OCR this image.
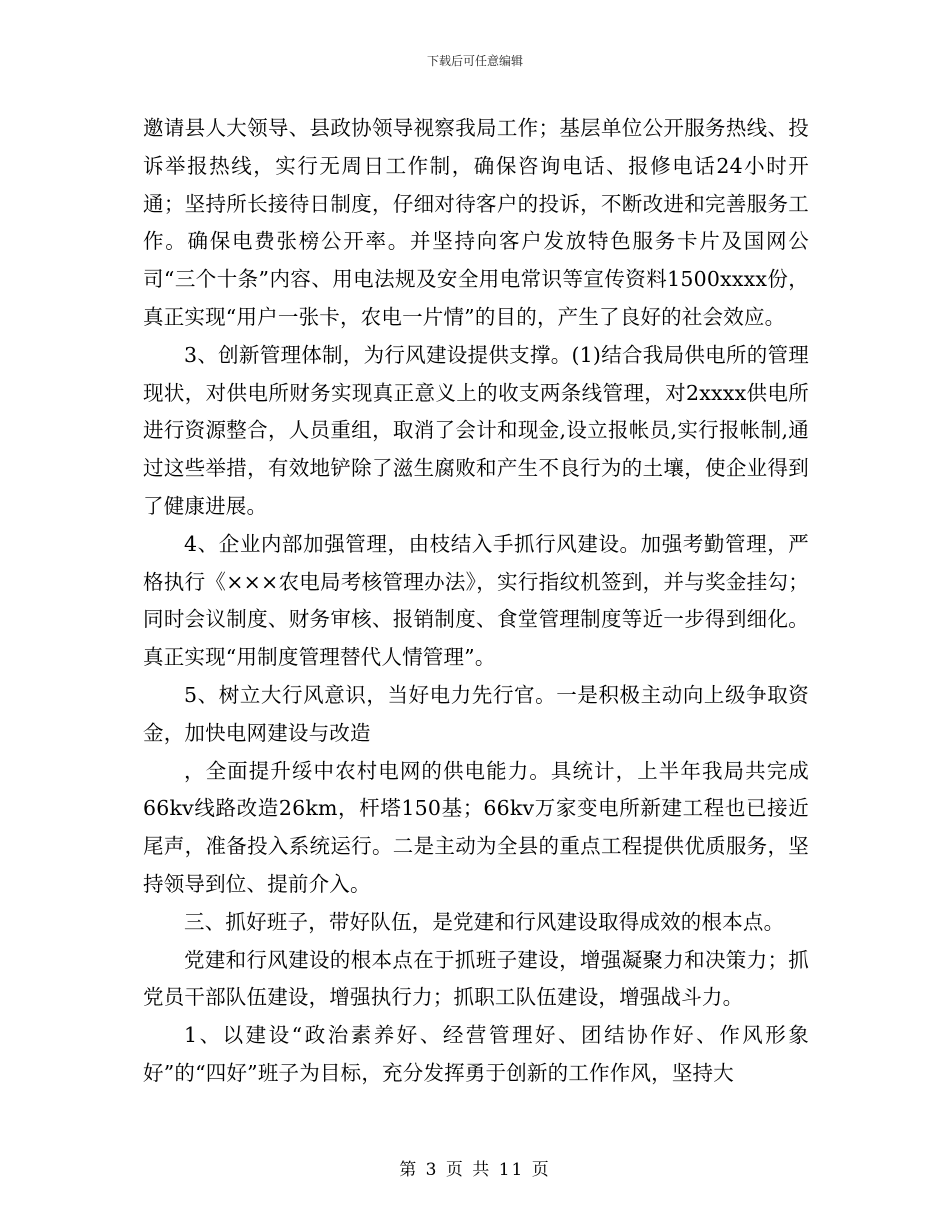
下载后可任意编辑

邀请县人大领导、县政协领导视察我局工作；基层单位公开服务热线、投诉举报热线，实行无周日工作制，确保咨询电话、报修电话24小时开通；坚持所长接待日制度，仔细对待客户的投诉，不断改进和完善服务工作。确保电费张榜公开率。并坚持向客户发放特色服务卡片及国网公司“三个十条”内容、用电法规及安全用电常识等宣传资料1500xxxx份，真正实现“用户一张卡，农电一片情”的目的，产生了良好的社会效应。

3、创新管理体制，为行风建设提供支撑。(1)结合我局供电所的管理现状，对供电所财务实现真正意义上的收支两条线管理，对2xxxx供电所进行资源整合，人员重组，取消了会计和现金,设立报帐员,实行报帐制,通过这些举措，有效地铲除了滋生腐败和产生不良行为的土壤，使企业得到了健康进展。

4、企业内部加强管理，由枝结入手抓行风建设。加强考勤管理，严格执行《×××农电局考核管理办法》，实行指纹机签到，并与奖金挂勾；同时会议制度、财务审核、报销制度、食堂管理制度等近一步得到细化。真正实现“用制度管理替代人情管理”。

5、树立大行风意识，当好电力先行官。一是积极主动向上级争取资金，加快电网建设与改造

，全面提升绥中农村电网的供电能力。具统计，上半年我局共完成66kv线路改造26km，杆塔150基；66kv万家变电所新建工程也已接近尾声，准备投入系统运行。二是主动为全县的重点工程提供优质服务，坚持领导到位、提前介入。

三、抓好班子，带好队伍，是党建和行风建设取得成效的根本点。

党建和行风建设的根本点在于抓班子建设，增强凝聚力和决策力；抓党员干部队伍建设，增强执行力；抓职工队伍建设，增强战斗力。

1、以建设“政治素养好、经营管理好、团结协作好、作风形象好”的“四好”班子为目标，充分发挥勇于创新的工作作风，坚持大

第 3 页 共 11 页
